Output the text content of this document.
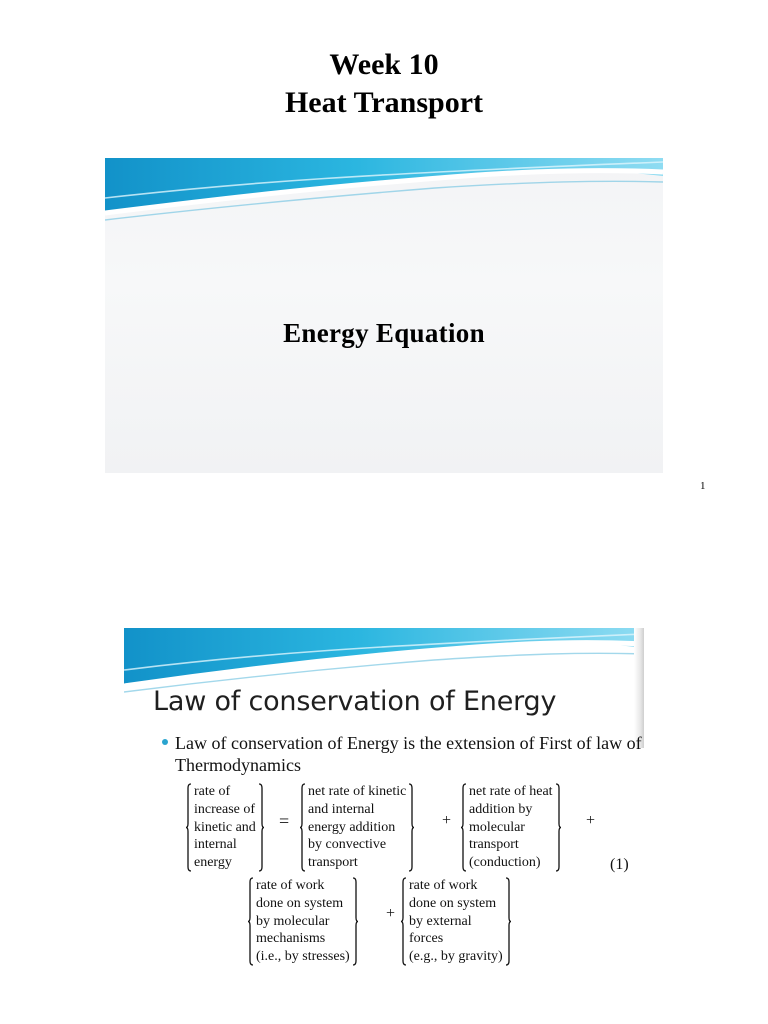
Week 10
Heat Transport
Energy Equation
1
Law of conservation of Energy
Law of conservation of Energy is the extension of First of law of Thermodynamics
rate of
increase of
kinetic and
internal
energy
=
net rate of kinetic
and internal
energy addition
by convective
transport
+
net rate of heat
addition by
molecular
transport
(conduction)
+
(1)
rate of work
done on system
by molecular
mechanisms
(i.e., by stresses)
+
rate of work
done on system
by external
forces
(e.g., by gravity)
